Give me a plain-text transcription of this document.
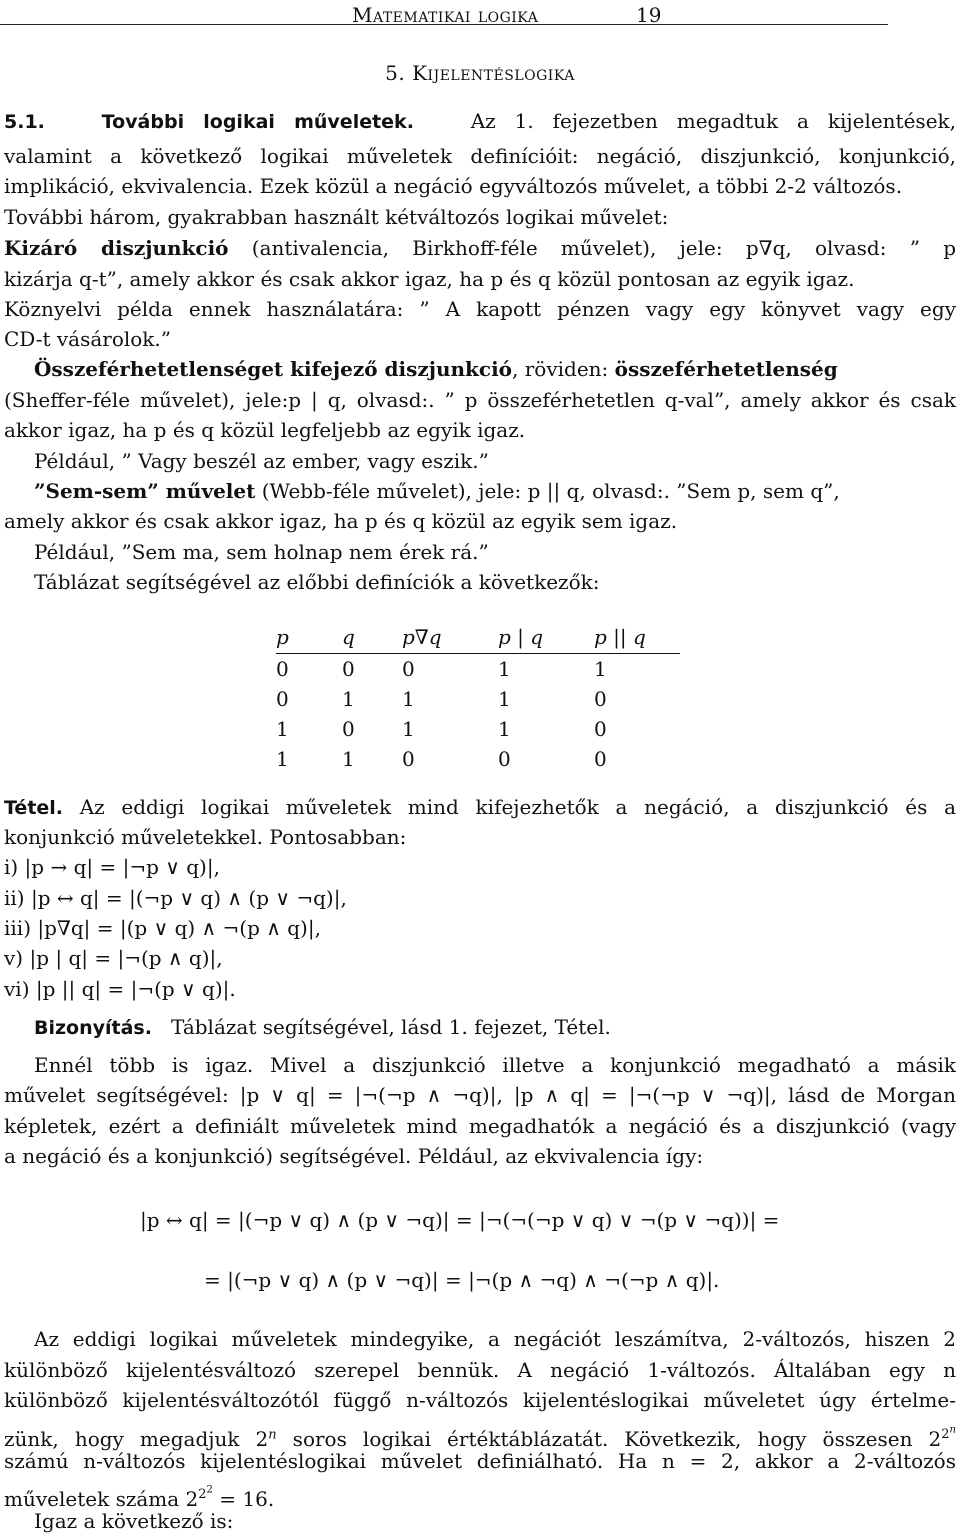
Matematikai logika	19
5. Kijelentéslogika
5.1.	További logikai műveletek.	Az 1. fejezetben megadtuk a kijelentések,
valamint a következő logikai műveletek definícióit: negáció, diszjunkció, konjunkció,
implikáció, ekvivalencia. Ezek közül a negáció egyváltozós művelet, a többi 2-2 változós.
További három, gyakrabban használt kétváltozós logikai művelet:
Kizáró diszjunkció (antivalencia, Birkhoff-féle művelet), jele: p∇q, olvasd: ” p
kizárja q-t”, amely akkor és csak akkor igaz, ha p és q közül pontosan az egyik igaz.
Köznyelvi példa ennek használatára: ” A kapott pénzen vagy egy könyvet vagy egy
CD-t vásárolok.”
Összeférhetetlenséget kifejező diszjunkció, röviden: összeférhetetlenség
(Sheffer-féle művelet), jele:p | q, olvasd:. ” p összeférhetetlen q-val”, amely akkor és csak
akkor igaz, ha p és q közül legfeljebb az egyik igaz.
Például, ” Vagy beszél az ember, vagy eszik.”
”Sem-sem” művelet (Webb-féle művelet), jele: p || q, olvasd:. ”Sem p, sem q”,
amely akkor és csak akkor igaz, ha p és q közül az egyik sem igaz.
Például, ”Sem ma, sem holnap nem érek rá.”
Táblázat segítségével az előbbi definíciók a következők:
p	q	p∇q	p | q	p || q
0	0	0	1	1
0	1	1	1	0
1	0	1	1	0
1	1	0	0	0
Tétel. Az eddigi logikai műveletek mind kifejezhetők a negáció, a diszjunkció és a
konjunkció műveletekkel. Pontosabban:
i) |p → q| = |¬p ∨ q)|,
ii) |p ↔ q| = |(¬p ∨ q) ∧ (p ∨ ¬q)|,
iii) |p∇q| = |(p ∨ q) ∧ ¬(p ∧ q)|,
v) |p | q| = |¬(p ∧ q)|,
vi) |p || q| = |¬(p ∨ q)|.
Bizonyítás. Táblázat segítségével, lásd 1. fejezet, Tétel.
Ennél több is igaz. Mivel a diszjunkció illetve a konjunkció megadható a másik
művelet segítségével: |p ∨ q| = |¬(¬p ∧ ¬q)|, |p ∧ q| = |¬(¬p ∨ ¬q)|, lásd de Morgan
képletek, ezért a definiált műveletek mind megadhatók a negáció és a diszjunkció (vagy
a negáció és a konjunkció) segítségével. Például, az ekvivalencia így:
|p ↔ q| = |(¬p ∨ q) ∧ (p ∨ ¬q)| = |¬(¬(¬p ∨ q) ∨ ¬(p ∨ ¬q))| =
= |(¬p ∨ q) ∧ (p ∨ ¬q)| = |¬(p ∧ ¬q) ∧ ¬(¬p ∧ q)|.
Az eddigi logikai műveletek mindegyike, a negációt leszámítva, 2-változós, hiszen 2
különböző kijelentésváltozó szerepel bennük. A negáció 1-változós. Általában egy n
különböző kijelentésváltozótól függő n-változós kijelentéslogikai műveletet úgy értelme-
zünk, hogy megadjuk 2$^n$ soros logikai értéktáblázatát. Következik, hogy összesen $2^{2^n}$
számú n-változós kijelentéslogikai művelet definiálható. Ha n = 2, akkor a 2-változós
műveletek száma $2^{2^2} = 16$.
Igaz a következő is:
